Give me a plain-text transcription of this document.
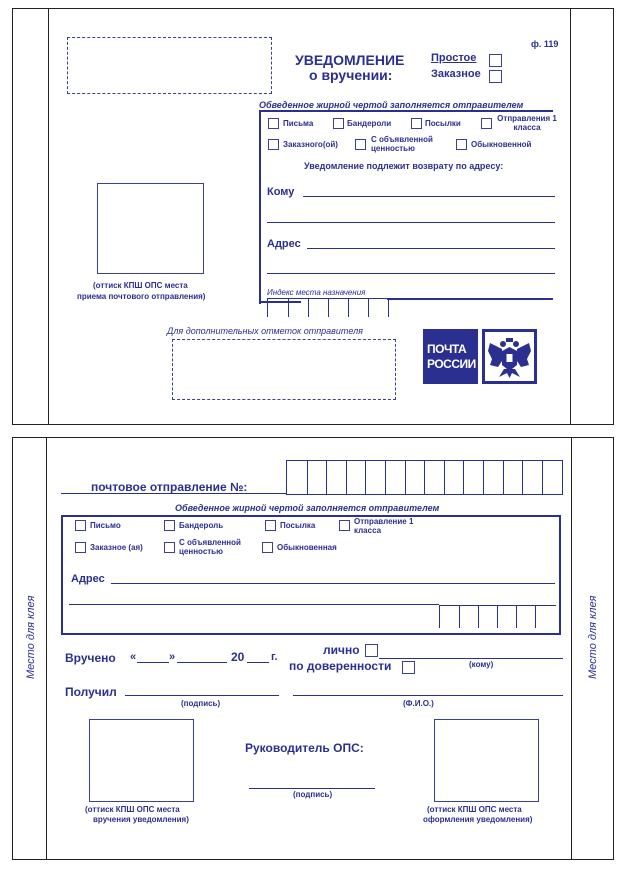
ф. 119
УВЕДОМЛЕНИЕ
о вручении:
Простое
Заказное
Обведенное жирной чертой заполняется отправителем
Письма	Бандероли	Посылки
Отправления 1 класса
Заказного(ой)
С объявленной ценностью	Обыкновенной
Уведомление подлежит возврату по адресу:
Кому
Адрес
Индекс места назначения
(оттиск КПШ ОПС места
приема почтового отправления)
Для дополнительных отметок отправителя
ПОЧТА
РОССИИ
Место для клея	Место для клея
почтовое отправление №:
Обведенное жирной чертой заполняется отправителем
Письмо	Бандероль	Посылка	Отправление 1 класса
Заказное (ая)
С объявленной ценностью	Обыкновенная
Адрес
Вручено «	»	20 г.	лично
по доверенности	(кому)
Получил
(подпись)	(Ф.И.О.)
(оттиск КПШ ОПС места
вручения уведомления)
Руководитель ОПС:
(подпись)
(оттиск КПШ ОПС места
оформления уведомления)
